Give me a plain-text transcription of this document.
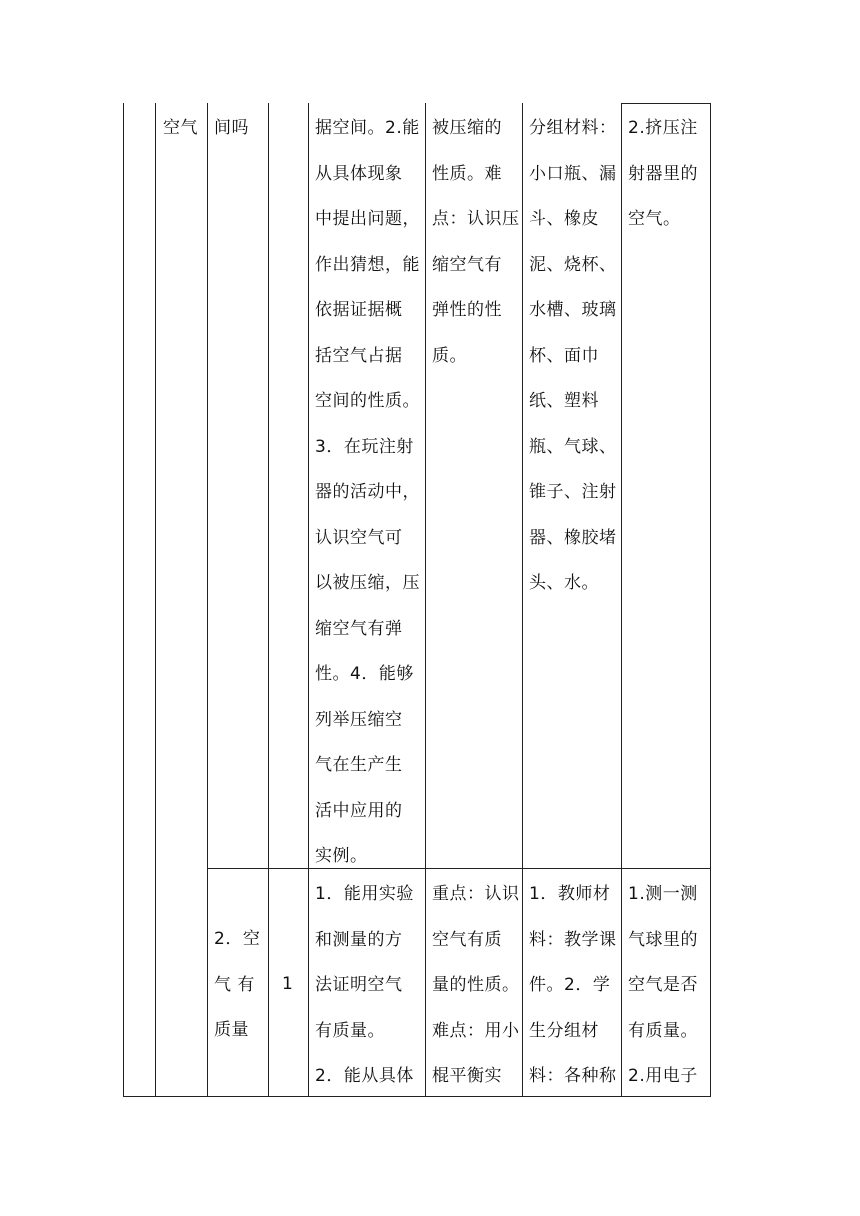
空气 间吗	据空间。2.能
从具体现象
中提出问题，
作出猜想，能
依据证据概
括空气占据
空间的性质。
3．在玩注射
器的活动中，
认识空气可
以被压缩，压
缩空气有弹
性。4．能够
列举压缩空
气在生产生
活中应用的
实例。
被压缩的
性质。难
点：认识压
缩空气有
弹性的性
质。
分组材料：
小口瓶、漏
斗、橡皮
泥、烧杯、
水槽、玻璃
杯、面巾
纸、塑料
瓶、气球、
锥子、注射
器、橡胶堵
头、水。
2.挤压注
射器里的
空气。
2．空
气 有
质量
1
1．能用实验
和测量的方
法证明空气
有质量。
2．能从具体
重点：认识
空气有质
量的性质。
难点：用小
棍平衡实
1．教师材
料：教学课
件。2．学
生分组材
料：各种称
1.测一测
气球里的
空气是否
有质量。
2.用电子
